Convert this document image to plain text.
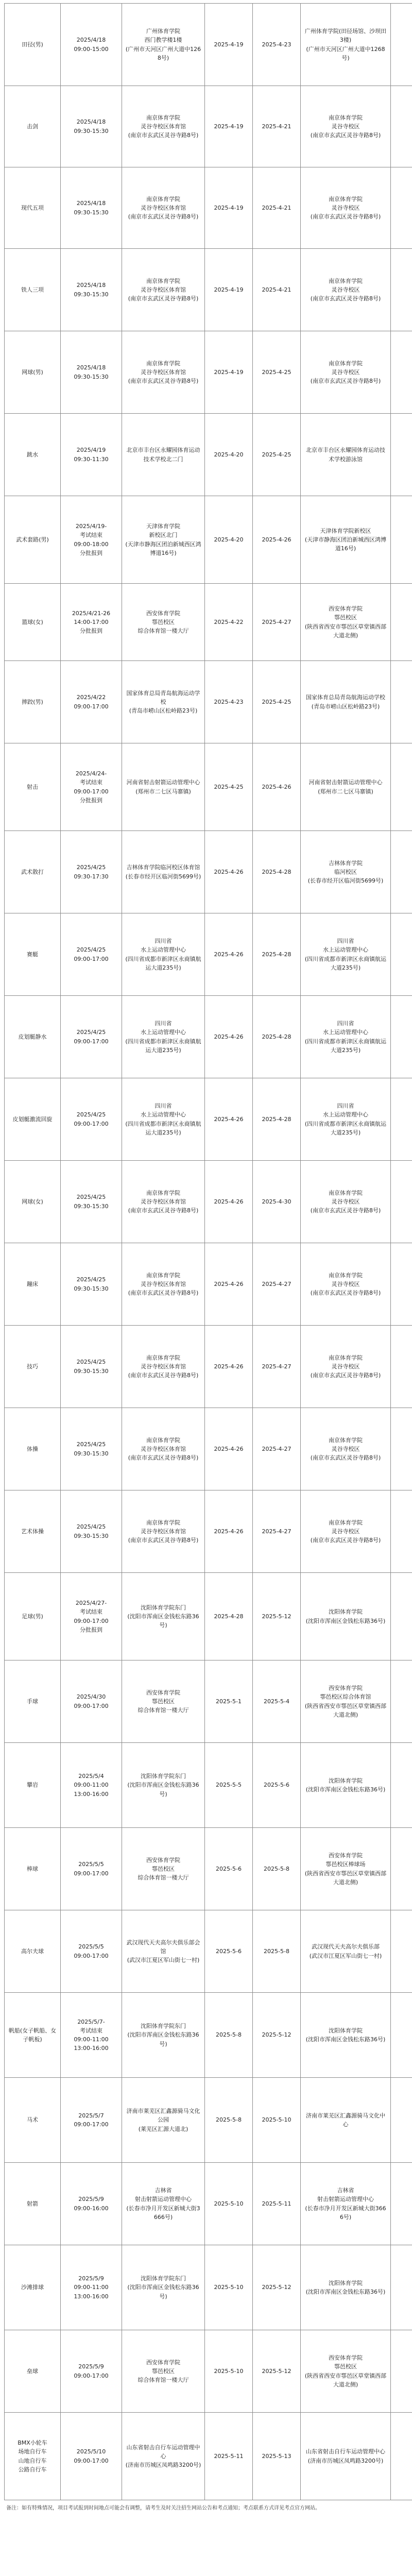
田径(男)	2025/4/18
09:00-15:00	广州体育学院
西门教学楼1楼
(广州市天河区广州大道中1268号)	2025-4-19	2025-4-23	广州体育学院(田径场馆、沙坝田3楼)
(广州市天河区广州大道中1268号)	
击剑	2025/4/18
09:30-15:30	南京体育学院
灵谷寺校区体育馆
(南京市玄武区灵谷寺路8号)	2025-4-19	2025-4-21	南京体育学院
灵谷寺校区
(南京市玄武区灵谷寺路8号)	
现代五项	2025/4/18
09:30-15:30	南京体育学院
灵谷寺校区体育馆
(南京市玄武区灵谷寺路8号)	2025-4-19	2025-4-21	南京体育学院
灵谷寺校区
(南京市玄武区灵谷寺路8号)	
铁人三项	2025/4/18
09:30-15:30	南京体育学院
灵谷寺校区体育馆
(南京市玄武区灵谷寺路8号)	2025-4-19	2025-4-21	南京体育学院
灵谷寺校区
(南京市玄武区灵谷寺路8号)	
网球(男)	2025/4/18
09:30-15:30	南京体育学院
灵谷寺校区体育馆
(南京市玄武区灵谷寺路8号)	2025-4-19	2025-4-25	南京体育学院
灵谷寺校区
(南京市玄武区灵谷寺路8号)	
跳水	2025/4/19
09:30-11:30	北京市丰台区永耀园体育运动技术学校北二门	2025-4-20	2025-4-25	北京市丰台区永耀园体育运动技术学校游泳馆	
武术套路(男)	2025/4/19-
考试结束
09:00-18:00
分批报到	天津体育学院
新校区北门
(天津市静海区团泊新城西区鸿博道16号)	2025-4-20	2025-4-26	天津体育学院新校区
(天津市静海区团泊新城西区鸿博道16号)	
篮球(女)	2025/4/21-26
14:00-17:00
分批报到	西安体育学院
鄠邑校区
综合体育馆一楼大厅	2025-4-22	2025-4-27	西安体育学院
鄠邑校区
(陕西省西安市鄠邑区草堂镇西部大道北侧)	
摔跤(男)	2025/4/22
09:00-17:00	国家体育总局青岛航海运动学校
(青岛市崂山区松岭路23号)	2025-4-23	2025-4-25	国家体育总局青岛航海运动学校
(青岛市崂山区松岭路23号)	
射击	2025/4/24-
考试结束
09:00-17:00
分批报到	河南省射击射箭运动管理中心
(郑州市二七区马寨镇)	2025-4-25	2025-4-26	河南省射击射箭运动管理中心
(郑州市二七区马寨镇)	
武术散打	2025/4/25
09:30-17:30	吉林体育学院临河校区体育馆
(长春市经开区临河街5699号)	2025-4-26	2025-4-28	吉林体育学院
临河校区
(长春市经开区临河街5699号)	
赛艇	2025/4/25
09:00-17:00	四川省
水上运动管理中心
(四川省成都市新津区永商镇航运大道235号)	2025-4-26	2025-4-28	四川省
水上运动管理中心
(四川省成都市新津区永商镇航运大道235号)	
皮划艇静水	2025/4/25
09:00-17:00	四川省
水上运动管理中心
(四川省成都市新津区永商镇航运大道235号)	2025-4-26	2025-4-28	四川省
水上运动管理中心
(四川省成都市新津区永商镇航运大道235号)	
皮划艇激流回旋	2025/4/25
09:00-17:00	四川省
水上运动管理中心
(四川省成都市新津区永商镇航运大道235号)	2025-4-26	2025-4-28	四川省
水上运动管理中心
(四川省成都市新津区永商镇航运大道235号)	
网球(女)	2025/4/25
09:30-15:30	南京体育学院
灵谷寺校区体育馆
(南京市玄武区灵谷寺路8号)	2025-4-26	2025-4-30	南京体育学院
灵谷寺校区
(南京市玄武区灵谷寺路8号)	
蹦床	2025/4/25
09:30-15:30	南京体育学院
灵谷寺校区体育馆
(南京市玄武区灵谷寺路8号)	2025-4-26	2025-4-27	南京体育学院
灵谷寺校区
(南京市玄武区灵谷寺路8号)	
技巧	2025/4/25
09:30-15:30	南京体育学院
灵谷寺校区体育馆
(南京市玄武区灵谷寺路8号)	2025-4-26	2025-4-27	南京体育学院
灵谷寺校区
(南京市玄武区灵谷寺路8号)	
体操	2025/4/25
09:30-15:30	南京体育学院
灵谷寺校区体育馆
(南京市玄武区灵谷寺路8号)	2025-4-26	2025-4-27	南京体育学院
灵谷寺校区
(南京市玄武区灵谷寺路8号)	
艺术体操	2025/4/25
09:30-15:30	南京体育学院
灵谷寺校区体育馆
(南京市玄武区灵谷寺路8号)	2025-4-26	2025-4-27	南京体育学院
灵谷寺校区
(南京市玄武区灵谷寺路8号)	
足球(男)	2025/4/27-
考试结束
09:00-17:00
分批报到	沈阳体育学院东门
(沈阳市浑南区金钱松东路36号)	2025-4-28	2025-5-12	沈阳体育学院
(沈阳市浑南区金钱松东路36号)	
手球	2025/4/30
09:00-17:00	西安体育学院
鄠邑校区
综合体育馆一楼大厅	2025-5-1	2025-5-4	西安体育学院
鄠邑校区综合体育馆
(陕西省西安市鄠邑区草堂镇西部大道北侧)	
攀岩	2025/5/4
09:00-11:00
13:00-16:00	沈阳体育学院东门
(沈阳市浑南区金钱松东路36号)	2025-5-5	2025-5-6	沈阳体育学院
(沈阳市浑南区金钱松东路36号)	
棒球	2025/5/5
09:00-17:00	西安体育学院
鄠邑校区
综合体育馆一楼大厅	2025-5-6	2025-5-8	西安体育学院
鄠邑校区棒球场
(陕西省西安市鄠邑区草堂镇西部大道北侧)	
高尔夫球	2025/5/5
09:00-17:00	武汉现代天夫高尔夫俱乐部会馆
(武汉市江夏区军山街七一村)	2025-5-6	2025-5-8	武汉现代天夫高尔夫俱乐部
(武汉市江夏区军山街七一村)	
帆船(女子帆船、女子帆板)	2025/5/7-
考试结束
09:00-11:00
13:00-16:00	沈阳体育学院东门
(沈阳市浑南区金钱松东路36号)	2025-5-8	2025-5-12	沈阳体育学院
(沈阳市浑南区金钱松东路36号)	
马术	2025/5/7
09:00-17:00	济南市莱芜区汇鑫源骑马文化公园
(莱芜区汇源大道北)	2025-5-8	2025-5-10	济南市莱芜区汇鑫源骑马文化中心	
射箭	2025/5/9
09:00-16:00	吉林省
射击射箭运动管理中心
(长春市净月开发区新城大街3666号)	2025-5-10	2025-5-11	吉林省
射击射箭运动管理中心
(长春市净月开发区新城大街3666号)	
沙滩排球	2025/5/9
09:00-11:00
13:00-16:00	沈阳体育学院东门
(沈阳市浑南区金钱松东路36号)	2025-5-10	2025-5-12	沈阳体育学院
(沈阳市浑南区金钱松东路36号)	
垒球	2025/5/9
09:00-17:00	西安体育学院
鄠邑校区
综合体育馆一楼大厅	2025-5-10	2025-5-12	西安体育学院
鄠邑校区
(陕西省西安市鄠邑区草堂镇西部大道北侧)	
BMX小轮车
场地自行车
山地自行车
公路自行车	2025/5/10
09:00-17:00	山东省射击自行车运动管理中心
(济南市历城区凤鸣路3200号)	2025-5-11	2025-5-13	山东省射击自行车运动管理中心
(济南市历城区凤鸣路3200号)	
备注：如有特殊情况，项目考试报到时间地点可能会有调整，请考生及时关注招生网站公告和考点通知；考点联系方式详见考点官方网站。
